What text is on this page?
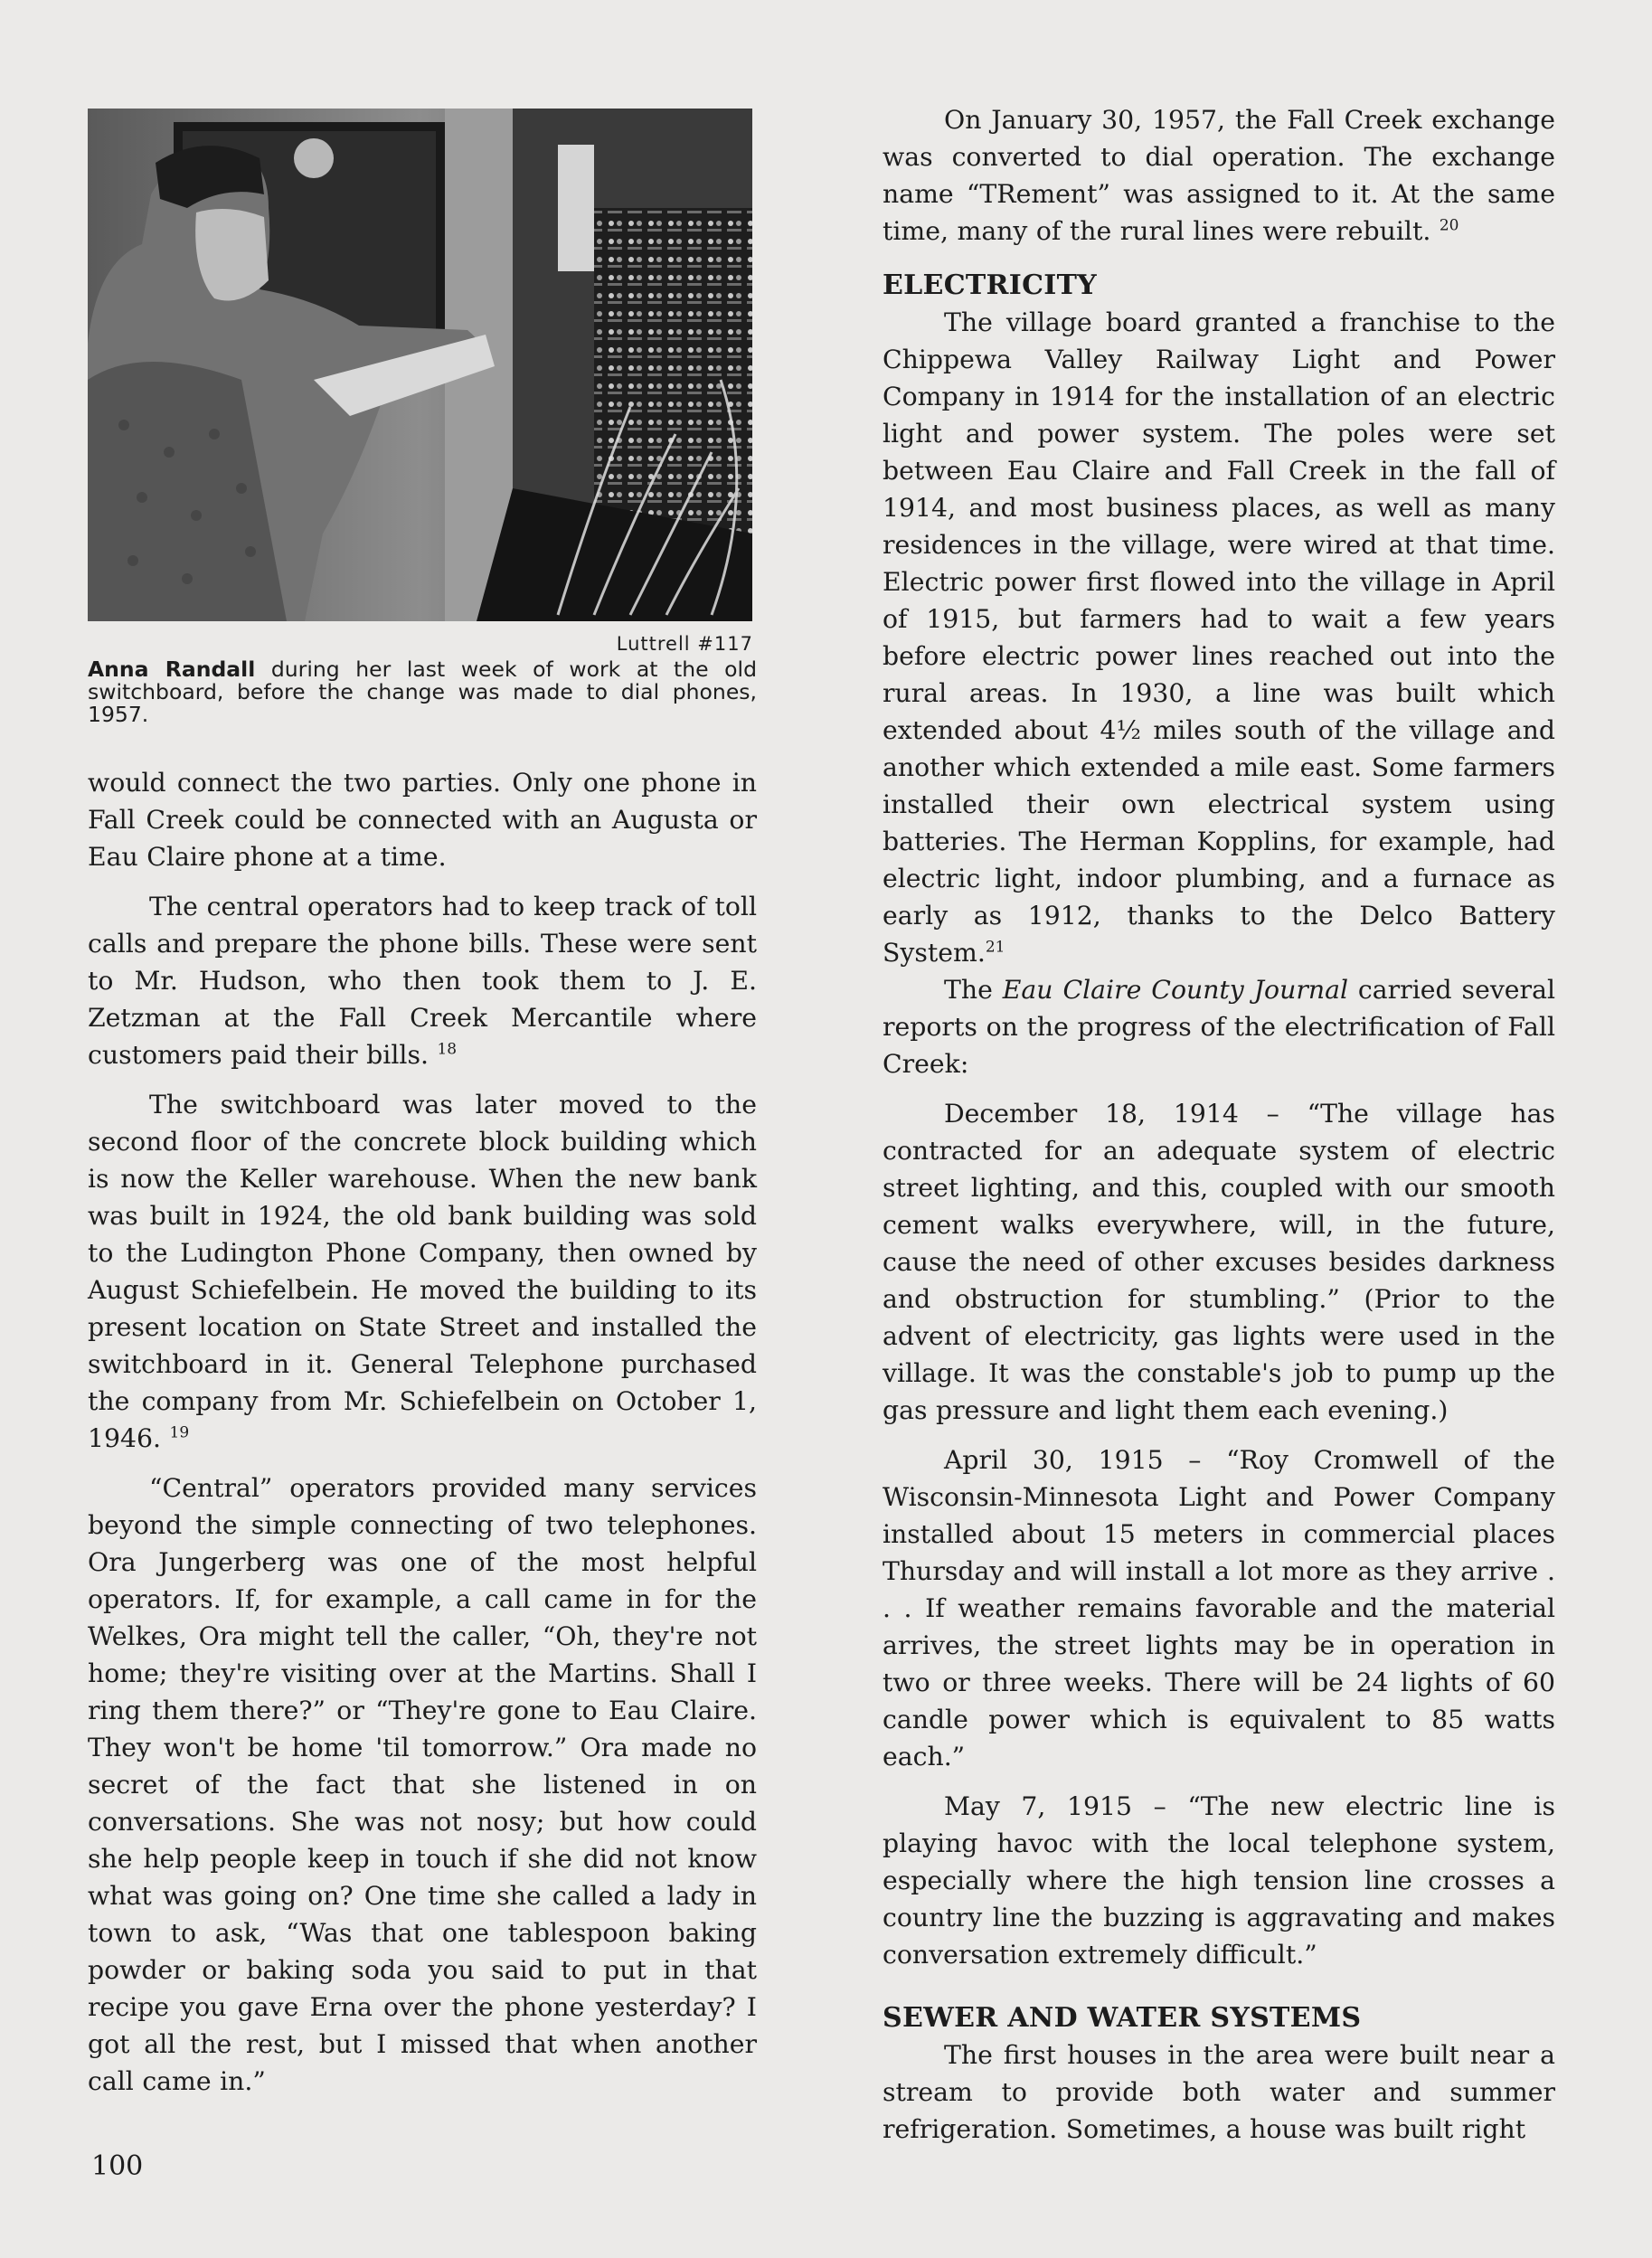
Luttrell #117
Anna Randall during her last week of work at the old switchboard, before the change was made to dial phones, 1957.

would connect the two parties. Only one phone in Fall Creek could be connected with an Augusta or Eau Claire phone at a time.

The central operators had to keep track of toll calls and prepare the phone bills. These were sent to Mr. Hudson, who then took them to J. E. Zetzman at the Fall Creek Mercantile where customers paid their bills. $^{18}$

The switchboard was later moved to the second floor of the concrete block building which is now the Keller warehouse. When the new bank was built in 1924, the old bank building was sold to the Ludington Phone Company, then owned by August Schiefelbein. He moved the building to its present location on State Street and installed the switchboard in it. General Telephone purchased the company from Mr. Schiefelbein on October 1, 1946. $^{19}$

“Central” operators provided many services beyond the simple connecting of two telephones. Ora Jungerberg was one of the most helpful operators. If, for example, a call came in for the Welkes, Ora might tell the caller, “Oh, they're not home; they're visiting over at the Martins. Shall I ring them there?” or “They're gone to Eau Claire. They won't be home 'til tomorrow.” Ora made no secret of the fact that she listened in on conversations. She was not nosy; but how could she help people keep in touch if she did not know what was going on? One time she called a lady in town to ask, “Was that one tablespoon baking powder or baking soda you said to put in that recipe you gave Erna over the phone yesterday? I got all the rest, but I missed that when another call came in.”

On January 30, 1957, the Fall Creek exchange was converted to dial operation. The exchange name “TRement” was assigned to it. At the same time, many of the rural lines were rebuilt. $^{20}$

ELECTRICITY

The village board granted a franchise to the Chippewa Valley Railway Light and Power Company in 1914 for the installation of an electric light and power system. The poles were set between Eau Claire and Fall Creek in the fall of 1914, and most business places, as well as many residences in the village, were wired at that time. Electric power first flowed into the village in April of 1915, but farmers had to wait a few years before electric power lines reached out into the rural areas. In 1930, a line was built which extended about 4½ miles south of the village and another which extended a mile east. Some farmers installed their own electrical system using batteries. The Herman Kopplins, for example, had electric light, indoor plumbing, and a furnace as early as 1912, thanks to the Delco Battery System.$^{21}$

The Eau Claire County Journal carried several reports on the progress of the electrification of Fall Creek:

December 18, 1914 – “The village has contracted for an adequate system of electric street lighting, and this, coupled with our smooth cement walks everywhere, will, in the future, cause the need of other excuses besides darkness and obstruction for stumbling.” (Prior to the advent of electricity, gas lights were used in the village. It was the constable's job to pump up the gas pressure and light them each evening.)

April 30, 1915 – “Roy Cromwell of the Wisconsin-Minnesota Light and Power Company installed about 15 meters in commercial places Thursday and will install a lot more as they arrive . . . If weather remains favorable and the material arrives, the street lights may be in operation in two or three weeks. There will be 24 lights of 60 candle power which is equivalent to 85 watts each.”

May 7, 1915 – “The new electric line is playing havoc with the local telephone system, especially where the high tension line crosses a country line the buzzing is aggravating and makes conversation extremely difficult.”

SEWER AND WATER SYSTEMS

The first houses in the area were built near a stream to provide both water and summer refrigeration. Sometimes, a house was built right

100
